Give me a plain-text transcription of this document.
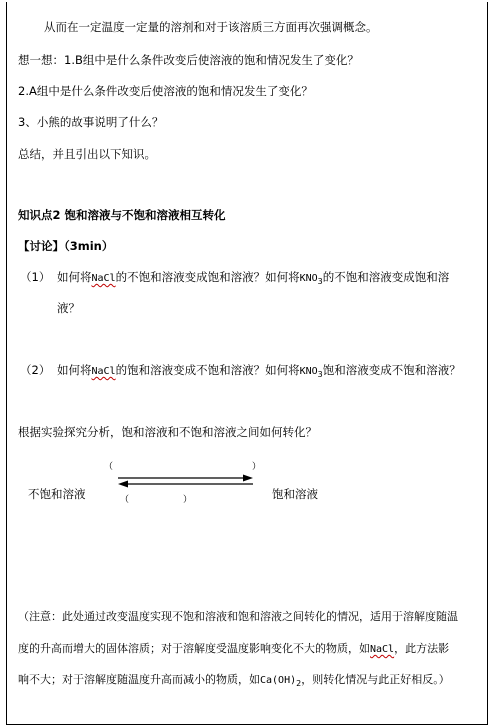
从而在一定温度一定量的溶剂和对于该溶质三方面再次强调概念。
想一想：1.B组中是什么条件改变后使溶液的饱和情况发生了变化？
2.A组中是什么条件改变后使溶液的饱和情况发生了变化？
3、小熊的故事说明了什么？
总结，并且引出以下知识。
知识点2 饱和溶液与不饱和溶液相互转化
【讨论】（3min）
（1） 如何将NaCl的不饱和溶液变成饱和溶液？如何将$KNO_3$的不饱和溶液变成饱和溶
液？
（2） 如何将NaCl的饱和溶液变成不饱和溶液？如何将$KNO_3$饱和溶液变成不饱和溶液？
根据实验探究分析，饱和溶液和不饱和溶液之间如何转化？
（	）
不饱和溶液	饱和溶液
（	）
（注意：此处通过改变温度实现不饱和溶液和饱和溶液之间转化的情况，适用于溶解度随温
度的升高而增大的固体溶质；对于溶解度受温度影响变化不大的物质，如NaCl，此方法影
响不大；对于溶解度随温度升高而减小的物质，如$Ca(OH)_2$，则转化情况与此正好相反。）
